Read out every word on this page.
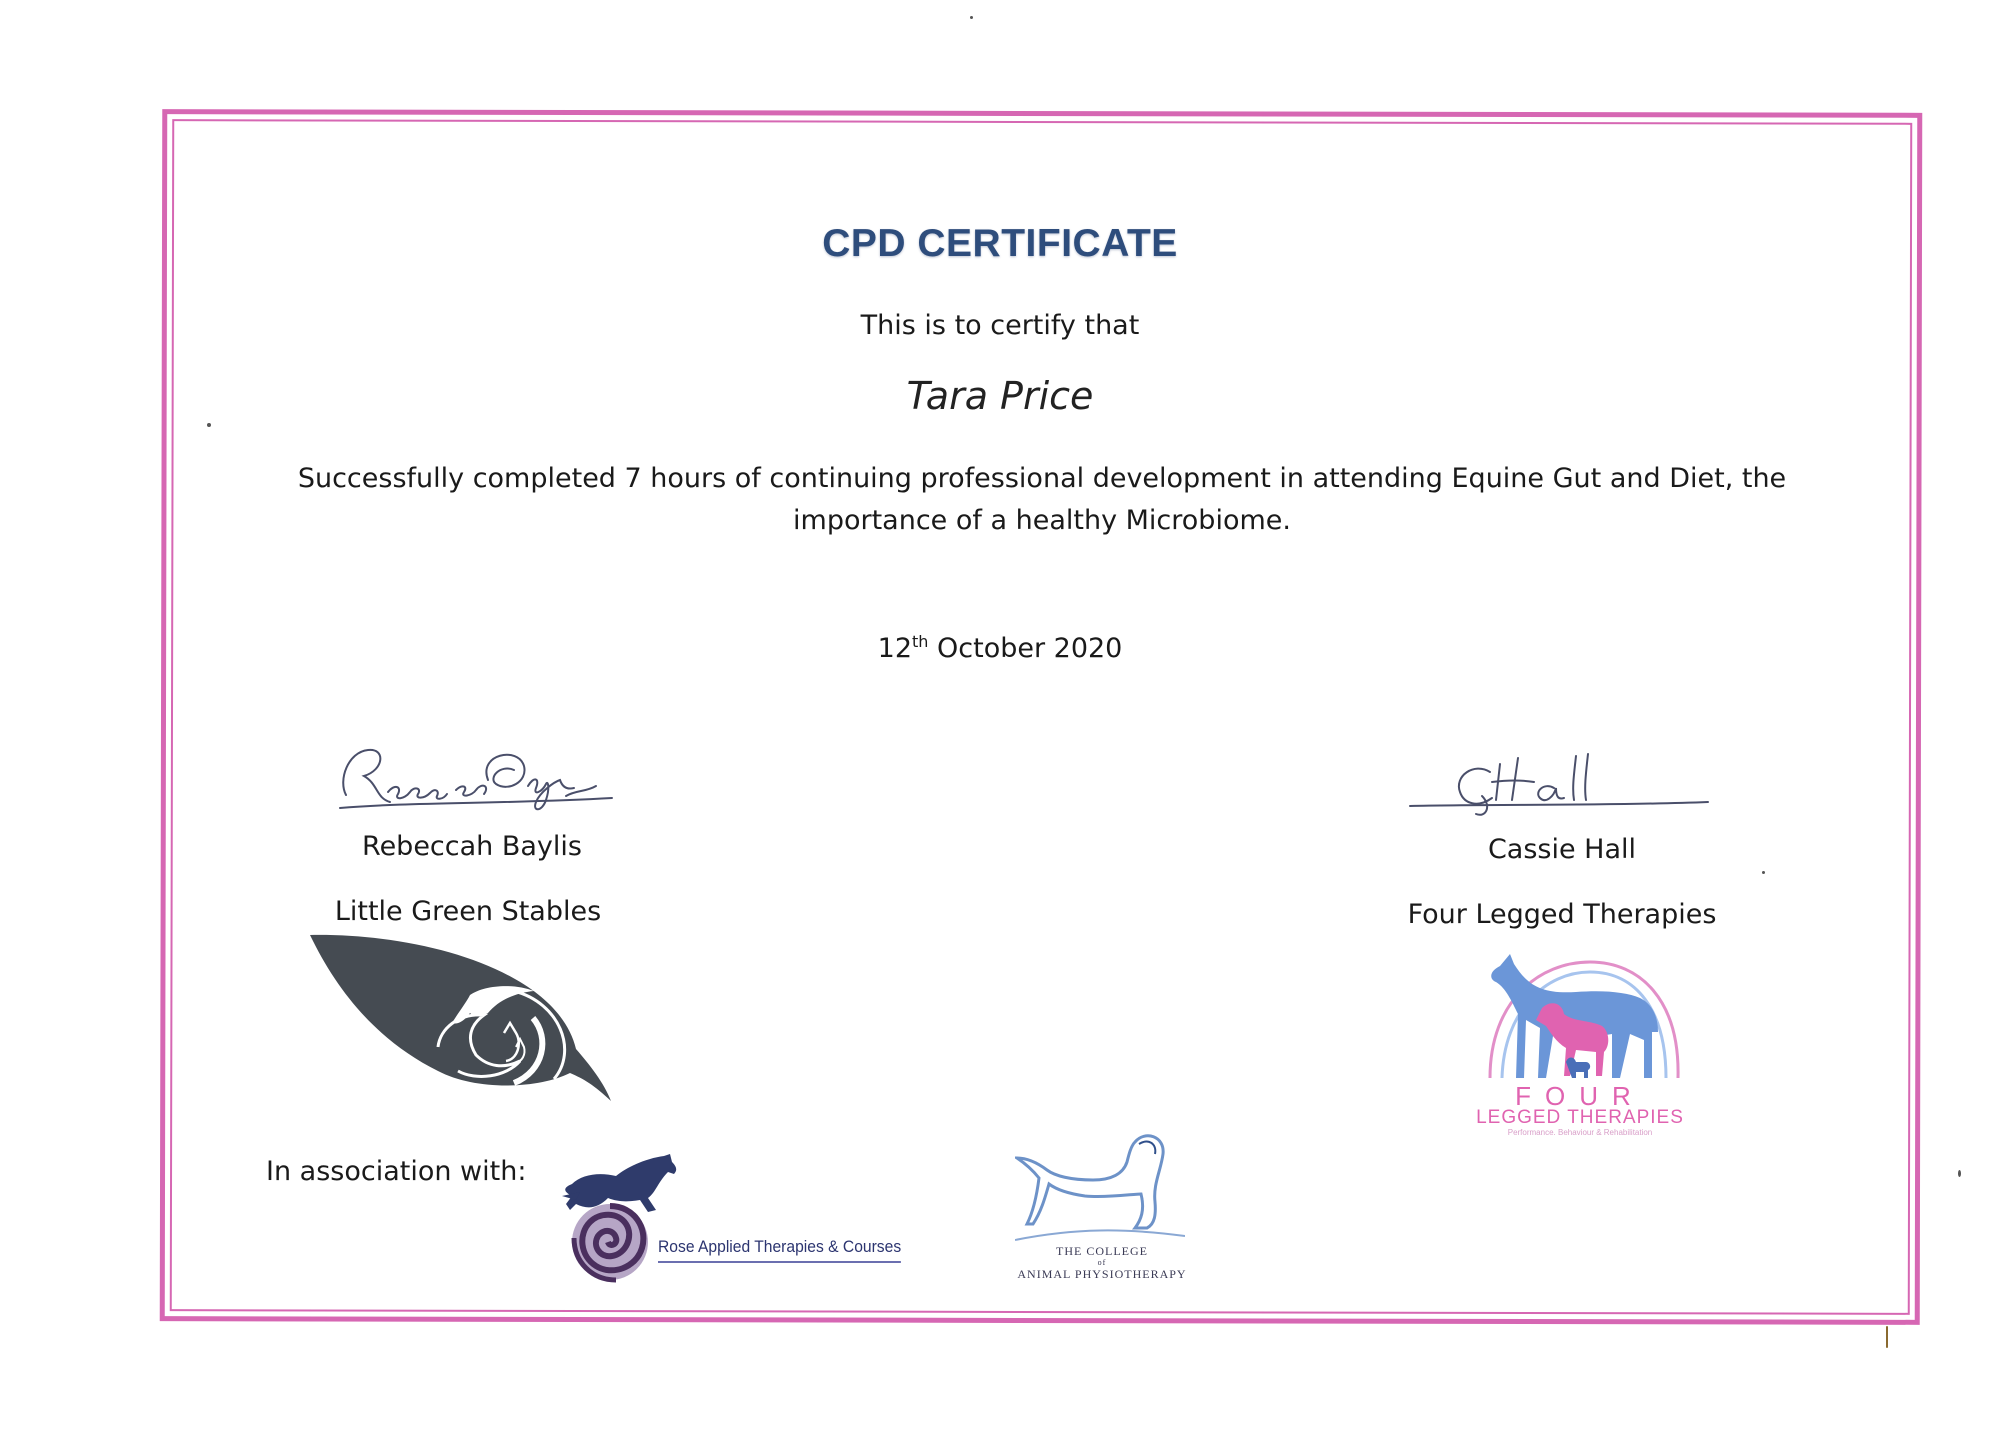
CPD CERTIFICATE
This is to certify that
Tara Price
Successfully completed 7 hours of continuing professional development in attending Equine Gut and Diet, the importance of a healthy Microbiome.
12th October 2020
Rebeccah Baylis
Little Green Stables
Cassie Hall
Four Legged Therapies
FOUR
LEGGED THERAPIES
Performance. Behaviour & Rehabilitation
In association with:
Rose Applied Therapies & Courses	THE COLLEGE
of
ANIMAL PHYSIOTHERAPY
